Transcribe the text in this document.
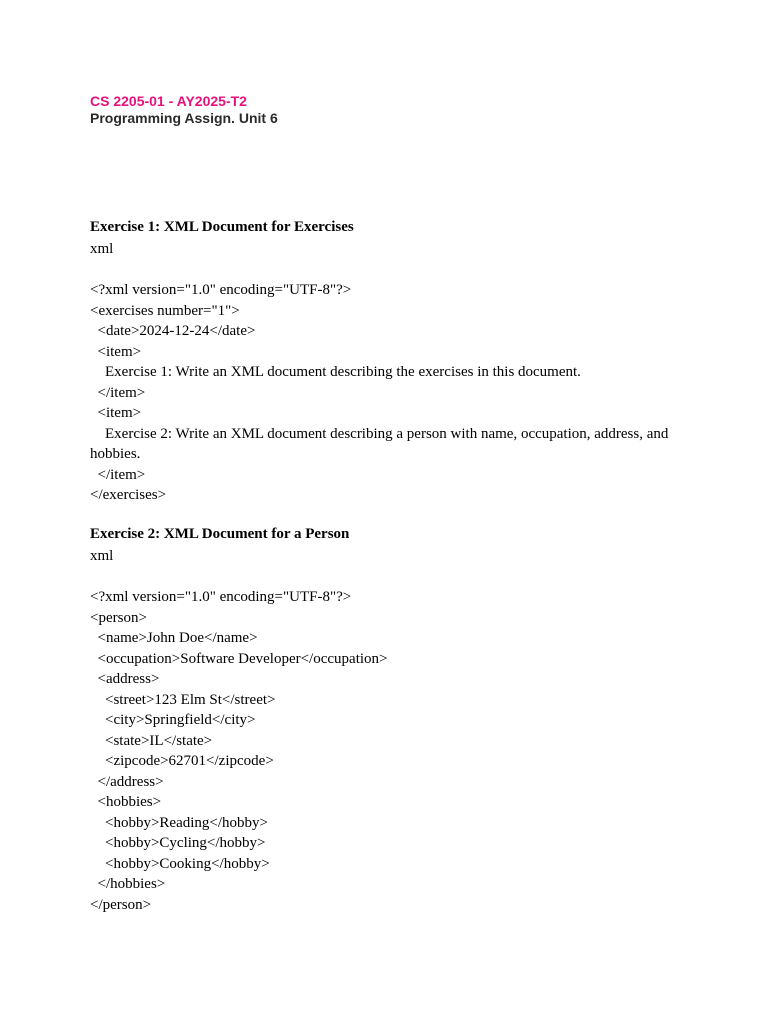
CS 2205-01 - AY2025-T2
Programming Assign. Unit 6
Exercise 1: XML Document for Exercises
xml
<?xml version="1.0" encoding="UTF-8"?>
<exercises number="1">
<date>2024-12-24</date>
<item>
Exercise 1: Write an XML document describing the exercises in this document.
</item>
<item>
Exercise 2: Write an XML document describing a person with name, occupation, address, and hobbies.
</item>
</exercises>
Exercise 2: XML Document for a Person
xml
<?xml version="1.0" encoding="UTF-8"?>
<person>
<name>John Doe</name>
<occupation>Software Developer</occupation>
<address>
<street>123 Elm St</street>
<city>Springfield</city>
<state>IL</state>
<zipcode>62701</zipcode>
</address>
<hobbies>
<hobby>Reading</hobby>
<hobby>Cycling</hobby>
<hobby>Cooking</hobby>
</hobbies>
</person>
